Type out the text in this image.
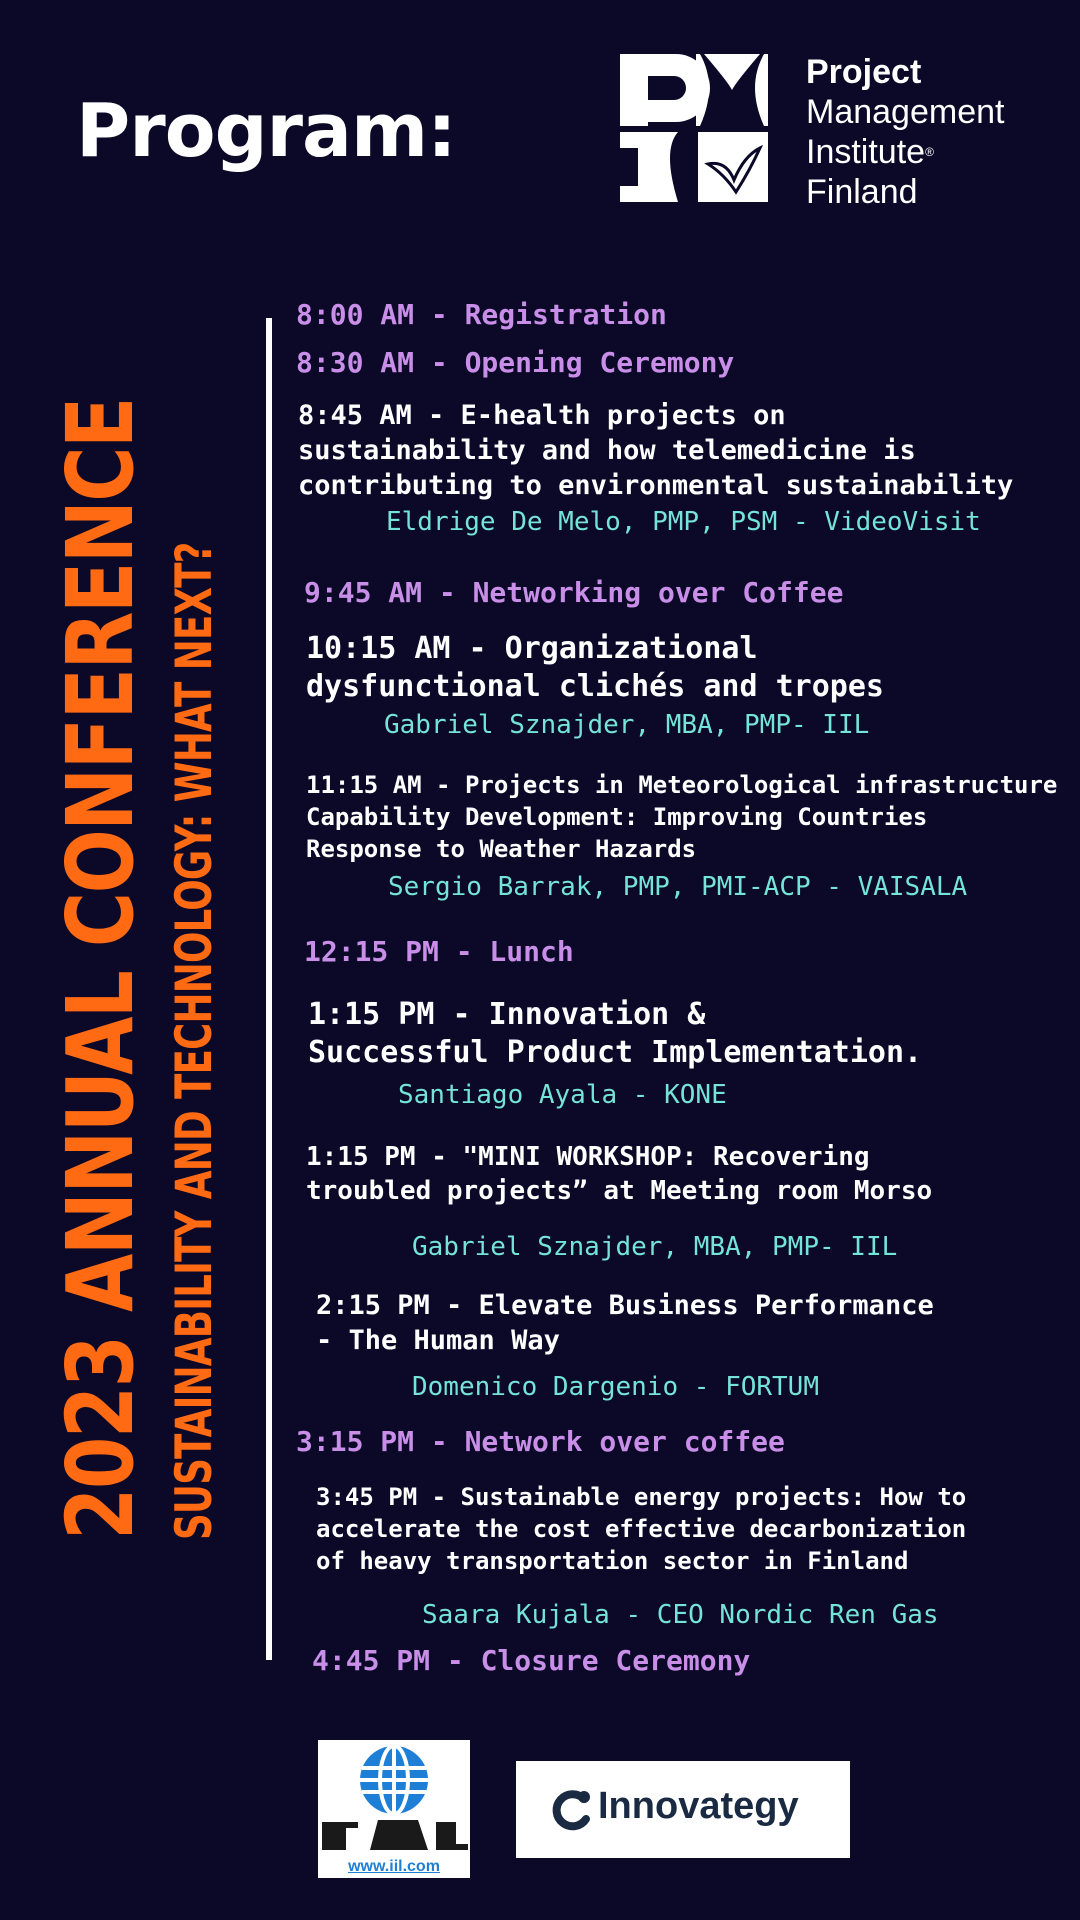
Program:
Project
Management
Institute®
Finland
2023 ANNUAL CONFERENCE SUSTAINABILITY AND TECHNOLOGY: WHAT NEXT?
8:00 AM - Registration
8:30 AM - Opening Ceremony
8:45 AM - E-health projects on
sustainability and how telemedicine is
contributing to environmental sustainability
Eldrige De Melo, PMP, PSM - VideoVisit
9:45 AM - Networking over Coffee
10:15 AM - Organizational
dysfunctional clichés and tropes
Gabriel Sznajder, MBA, PMP- IIL
11:15 AM - Projects in Meteorological infrastructure
Capability Development: Improving Countries
Response to Weather Hazards
Sergio Barrak, PMP, PMI-ACP - VAISALA
12:15 PM - Lunch
1:15 PM - Innovation &
Successful Product Implementation.
Santiago Ayala - KONE
1:15 PM - "MINI WORKSHOP: Recovering
troubled projects” at Meeting room Morso
Gabriel Sznajder, MBA, PMP- IIL
2:15 PM - Elevate Business Performance
- The Human Way
Domenico Dargenio - FORTUM
3:15 PM - Network over coffee
3:45 PM - Sustainable energy projects: How to
accelerate the cost effective decarbonization
of heavy transportation sector in Finland
Saara Kujala - CEO Nordic Ren Gas
4:45 PM - Closure Ceremony
www.iil.com
Innovategy
